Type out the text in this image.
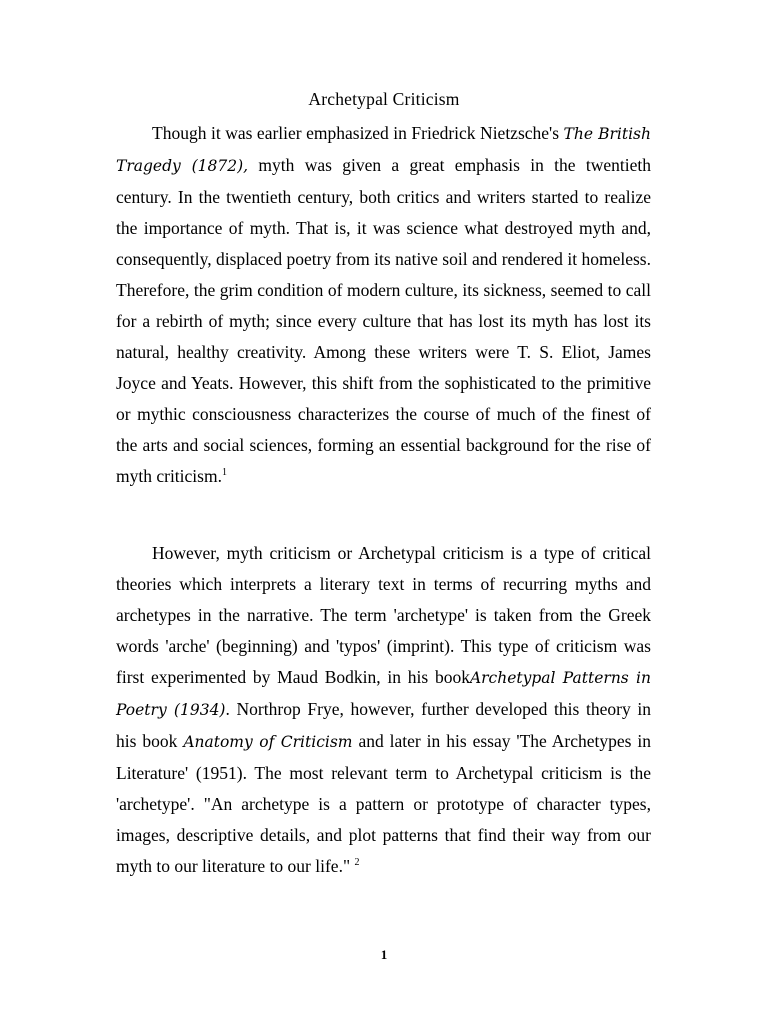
Archetypal Criticism

Though it was earlier emphasized in Friedrick Nietzsche's The British Tragedy (1872), myth was given a great emphasis in the twentieth century. In the twentieth century, both critics and writers started to realize the importance of myth. That is, it was science what destroyed myth and, consequently, displaced poetry from its native soil and rendered it homeless. Therefore, the grim condition of modern culture, its sickness, seemed to call for a rebirth of myth; since every culture that has lost its myth has lost its natural, healthy creativity. Among these writers were T. S. Eliot, James Joyce and Yeats. However, this shift from the sophisticated to the primitive or mythic consciousness characterizes the course of much of the finest of the arts and social sciences, forming an essential background for the rise of myth criticism.$^1$

However, myth criticism or Archetypal criticism is a type of critical theories which interprets a literary text in terms of recurring myths and archetypes in the narrative. The term 'archetype' is taken from the Greek words 'arche' (beginning) and 'typos' (imprint). This type of criticism was first experimented by Maud Bodkin, in his bookArchetypal Patterns in Poetry (1934). Northrop Frye, however, further developed this theory in his book Anatomy of Criticism and later in his essay 'The Archetypes in Literature' (1951). The most relevant term to Archetypal criticism is the 'archetype'. "An archetype is a pattern or prototype of character types, images, descriptive details, and plot patterns that find their way from our myth to our literature to our life." $^2$

1
